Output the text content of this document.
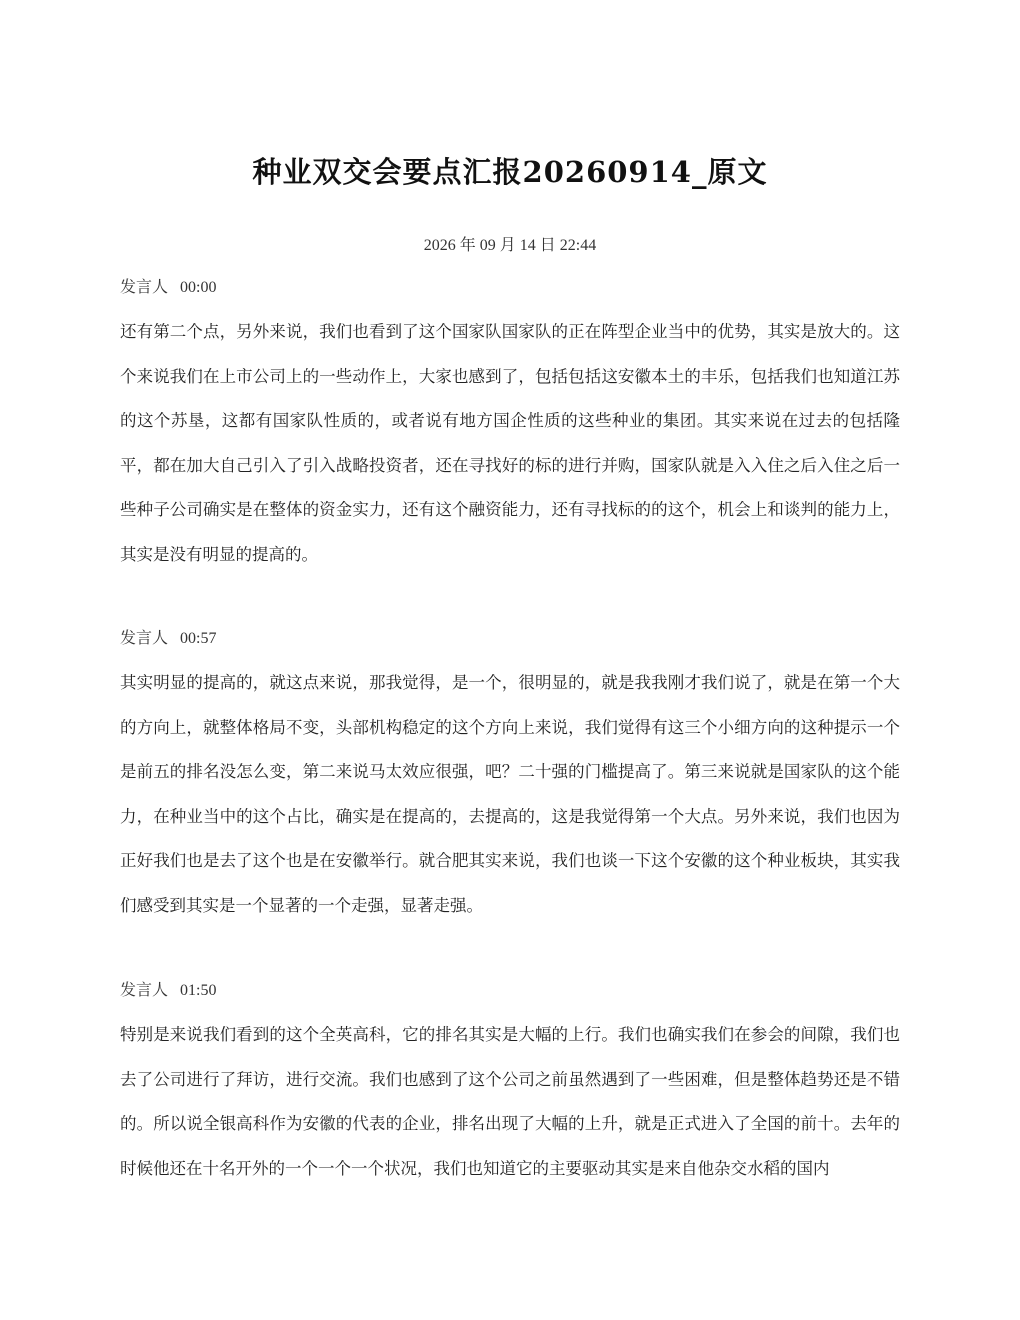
种业双交会要点汇报20260914_原文
2026 年 09 月 14 日 22:44
发言人 00:00

还有第二个点，另外来说，我们也看到了这个国家队国家队的正在阵型企业当中的优势，其实是放大的。这个来说我们在上市公司上的一些动作上，大家也感到了，包括包括这安徽本土的丰乐，包括我们也知道江苏的这个苏垦，这都有国家队性质的，或者说有地方国企性质的这些种业的集团。其实来说在过去的包括隆平，都在加大自己引入了引入战略投资者，还在寻找好的标的进行并购，国家队就是入入住之后入住之后一些种子公司确实是在整体的资金实力，还有这个融资能力，还有寻找标的的这个，机会上和谈判的能力上，其实是没有明显的提高的。

发言人 00:57

其实明显的提高的，就这点来说，那我觉得，是一个，很明显的，就是我我刚才我们说了，就是在第一个大的方向上，就整体格局不变，头部机构稳定的这个方向上来说，我们觉得有这三个小细方向的这种提示一个是前五的排名没怎么变，第二来说马太效应很强，吧？二十强的门槛提高了。第三来说就是国家队的这个能力，在种业当中的这个占比，确实是在提高的，去提高的，这是我觉得第一个大点。另外来说，我们也因为正好我们也是去了这个也是在安徽举行。就合肥其实来说，我们也谈一下这个安徽的这个种业板块，其实我们感受到其实是一个显著的一个走强，显著走强。

发言人 01:50

特别是来说我们看到的这个全英高科，它的排名其实是大幅的上行。我们也确实我们在参会的间隙，我们也去了公司进行了拜访，进行交流。我们也感到了这个公司之前虽然遇到了一些困难，但是整体趋势还是不错的。所以说全银高科作为安徽的代表的企业，排名出现了大幅的上升，就是正式进入了全国的前十。去年的时候他还在十名开外的一个一个一个状况，我们也知道它的主要驱动其实是来自他杂交水稻的国内
